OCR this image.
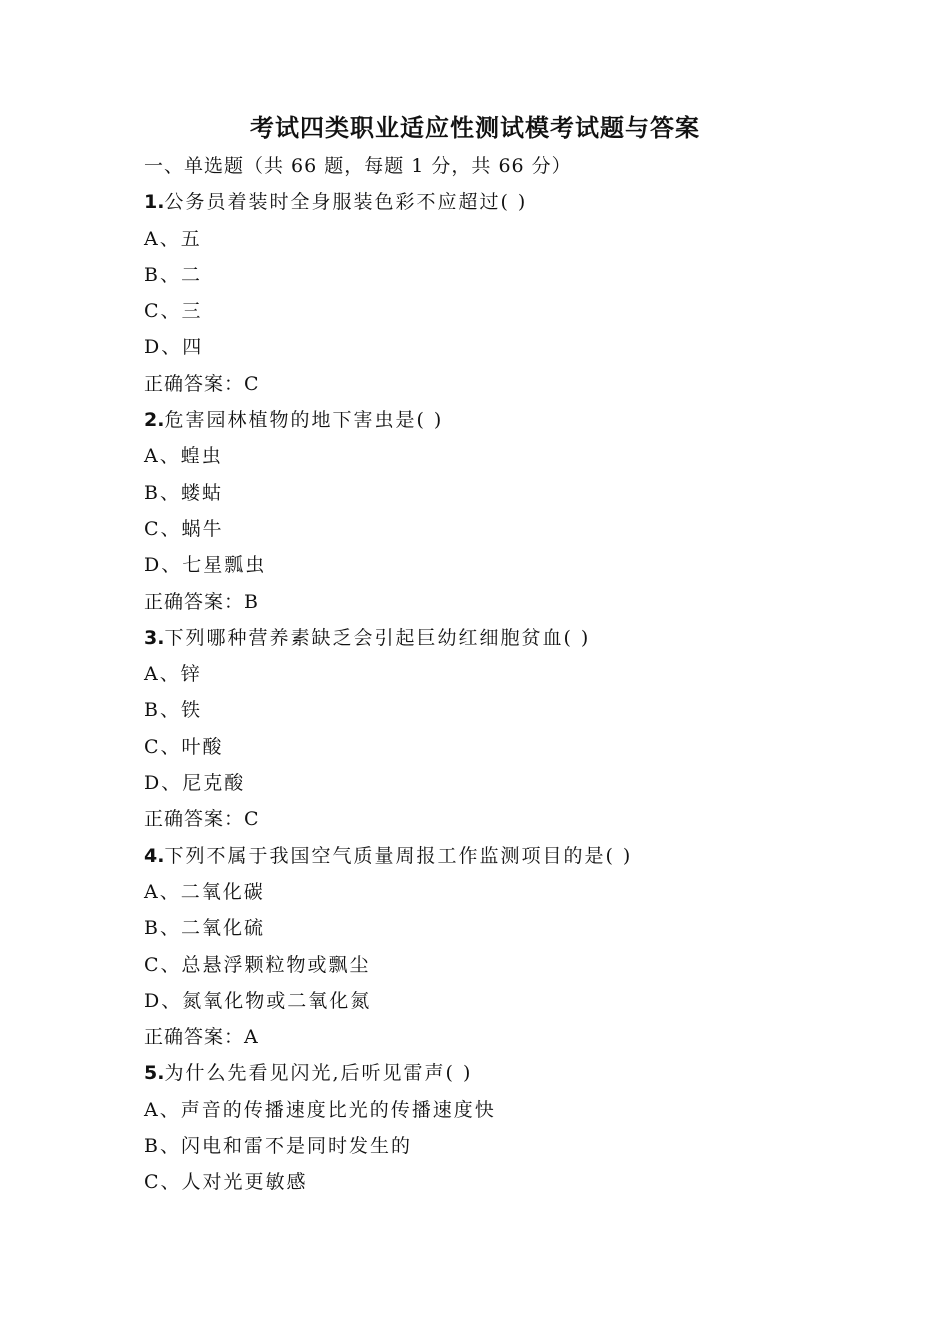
考试四类职业适应性测试模考试题与答案
一、单选题（共 66 题，每题 1 分，共 66 分）
1.公务员着装时全身服装色彩不应超过( )
A、五
B、二
C、三
D、四
正确答案：C
2.危害园林植物的地下害虫是( )
A、蝗虫
B、蝼蛄
C、蜗牛
D、七星瓢虫
正确答案：B
3.下列哪种营养素缺乏会引起巨幼红细胞贫血( )
A、锌
B、铁
C、叶酸
D、尼克酸
正确答案：C
4.下列不属于我国空气质量周报工作监测项目的是( )
A、二氧化碳
B、二氧化硫
C、总悬浮颗粒物或飘尘
D、氮氧化物或二氧化氮
正确答案：A
5.为什么先看见闪光,后听见雷声( )
A、声音的传播速度比光的传播速度快
B、闪电和雷不是同时发生的
C、人对光更敏感
